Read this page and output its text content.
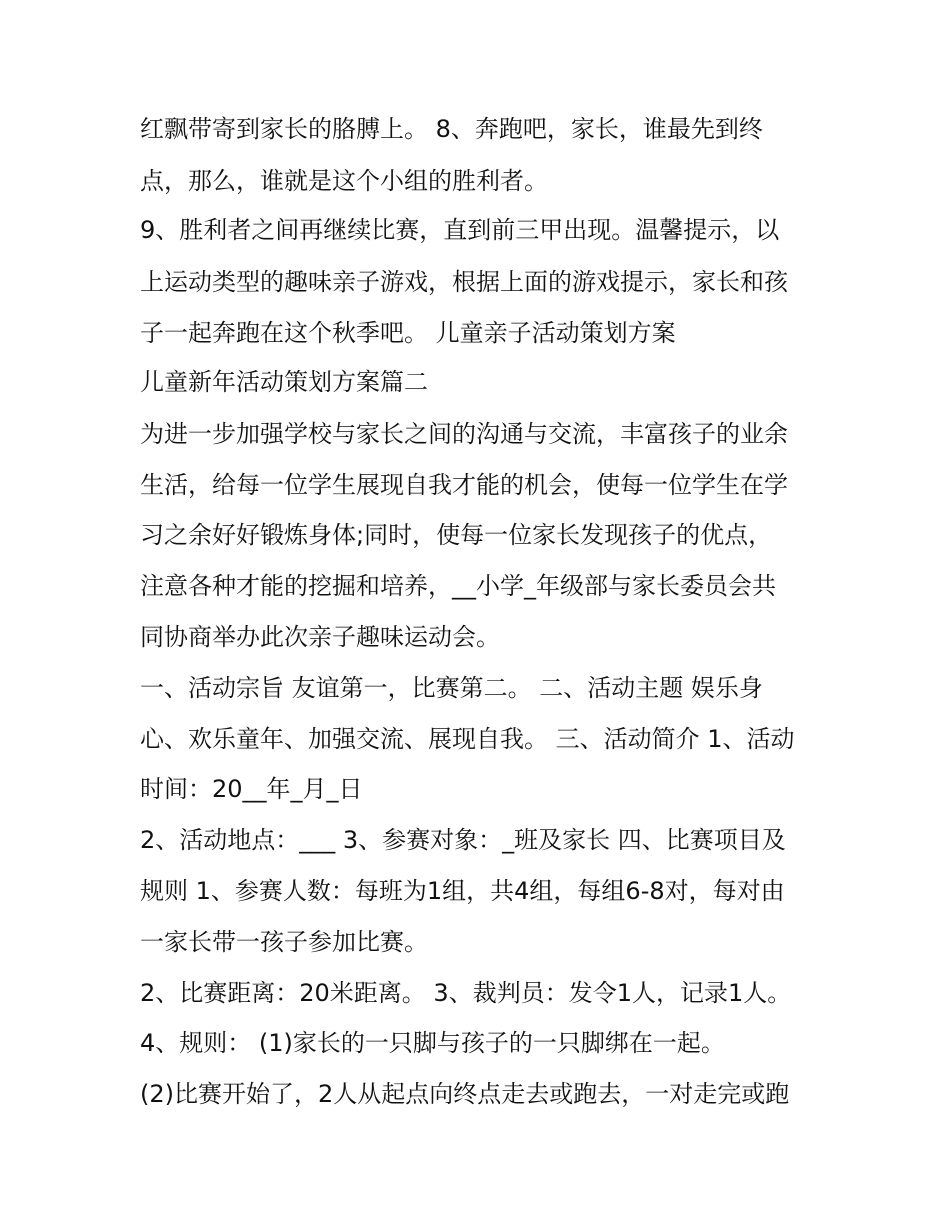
红飘带寄到家长的胳膊上。 8、奔跑吧，家长，谁最先到终
点，那么，谁就是这个小组的胜利者。
9、胜利者之间再继续比赛，直到前三甲出现。温馨提示，以
上运动类型的趣味亲子游戏，根据上面的游戏提示，家长和孩
子一起奔跑在这个秋季吧。 儿童亲子活动策划方案
儿童新年活动策划方案篇二
为进一步加强学校与家长之间的沟通与交流，丰富孩子的业余
生活，给每一位学生展现自我才能的机会，使每一位学生在学
习之余好好锻炼身体;同时，使每一位家长发现孩子的优点，
注意各种才能的挖掘和培养，__小学_年级部与家长委员会共
同协商举办此次亲子趣味运动会。
一、活动宗旨 友谊第一，比赛第二。 二、活动主题 娱乐身
心、欢乐童年、加强交流、展现自我。 三、活动简介 1、活动
时间：20__年_月_日
2、活动地点：___ 3、参赛对象：_班及家长 四、比赛项目及
规则 1、参赛人数：每班为1组，共4组，每组6-8对，每对由
一家长带一孩子参加比赛。
2、比赛距离：20米距离。 3、裁判员：发令1人，记录1人。
4、规则： (1)家长的一只脚与孩子的一只脚绑在一起。
(2)比赛开始了，2人从起点向终点走去或跑去，一对走完或跑
